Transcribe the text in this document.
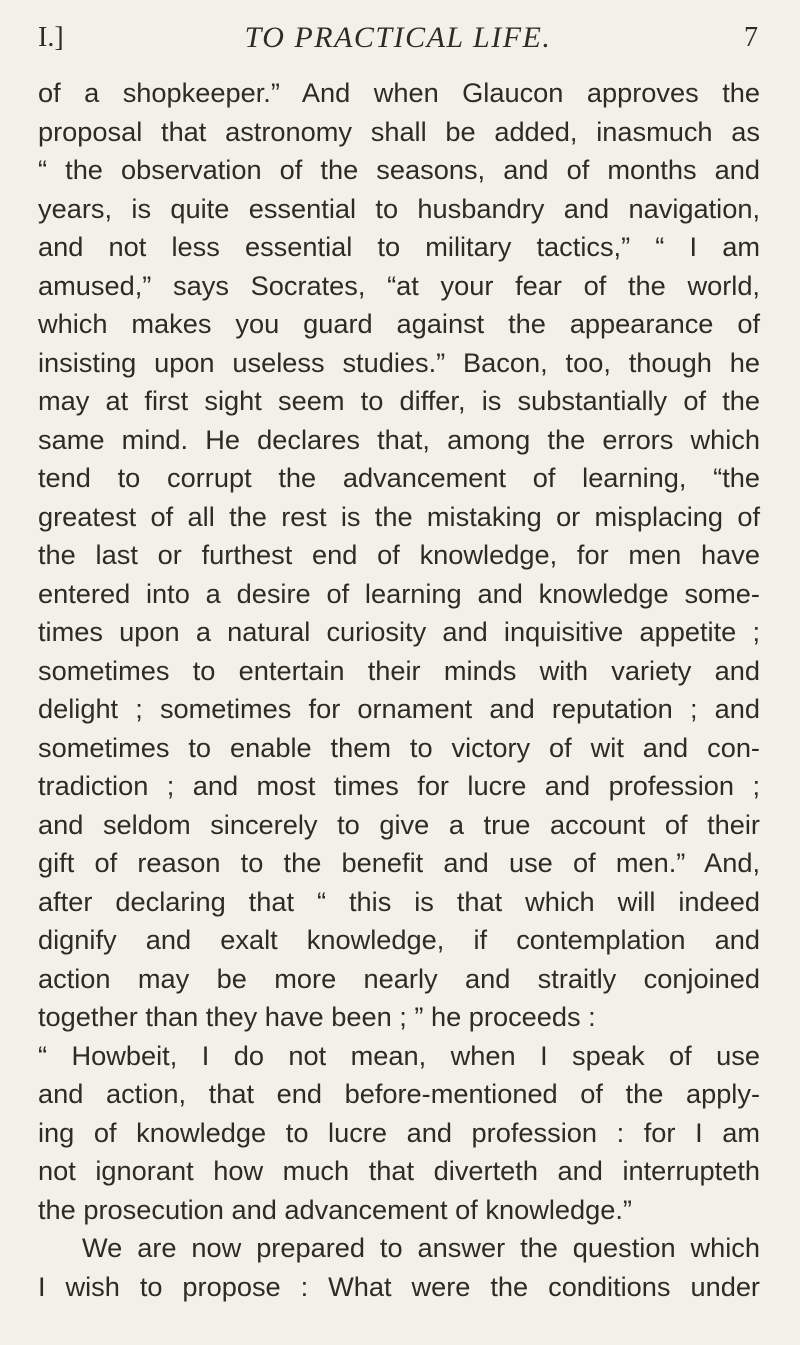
I.]	TO PRACTICAL LIFE.	7
of a shopkeeper.” And when Glaucon approves the
proposal that astronomy shall be added, inasmuch as
“ the observation of the seasons, and of months and
years, is quite essential to husbandry and navigation,
and not less essential to military tactics,” “ I am
amused,” says Socrates, “at your fear of the world,
which makes you guard against the appearance of
insisting upon useless studies.” Bacon, too, though he
may at first sight seem to differ, is substantially of the
same mind. He declares that, among the errors which
tend to corrupt the advancement of learning, “the
greatest of all the rest is the mistaking or misplacing of
the last or furthest end of knowledge, for men have
entered into a desire of learning and knowledge some-
times upon a natural curiosity and inquisitive appetite ;
sometimes to entertain their minds with variety and
delight ; sometimes for ornament and reputation ; and
sometimes to enable them to victory of wit and con-
tradiction ; and most times for lucre and profession ;
and seldom sincerely to give a true account of their
gift of reason to the benefit and use of men.” And,
after declaring that “ this is that which will indeed
dignify and exalt knowledge, if contemplation and
action may be more nearly and straitly conjoined
together than they have been ; ” he proceeds :
“ Howbeit, I do not mean, when I speak of use
and action, that end before-mentioned of the apply-
ing of knowledge to lucre and profession : for I am
not ignorant how much that diverteth and interrupteth
the prosecution and advancement of knowledge.”
We are now prepared to answer the question which
I wish to propose : What were the conditions under
